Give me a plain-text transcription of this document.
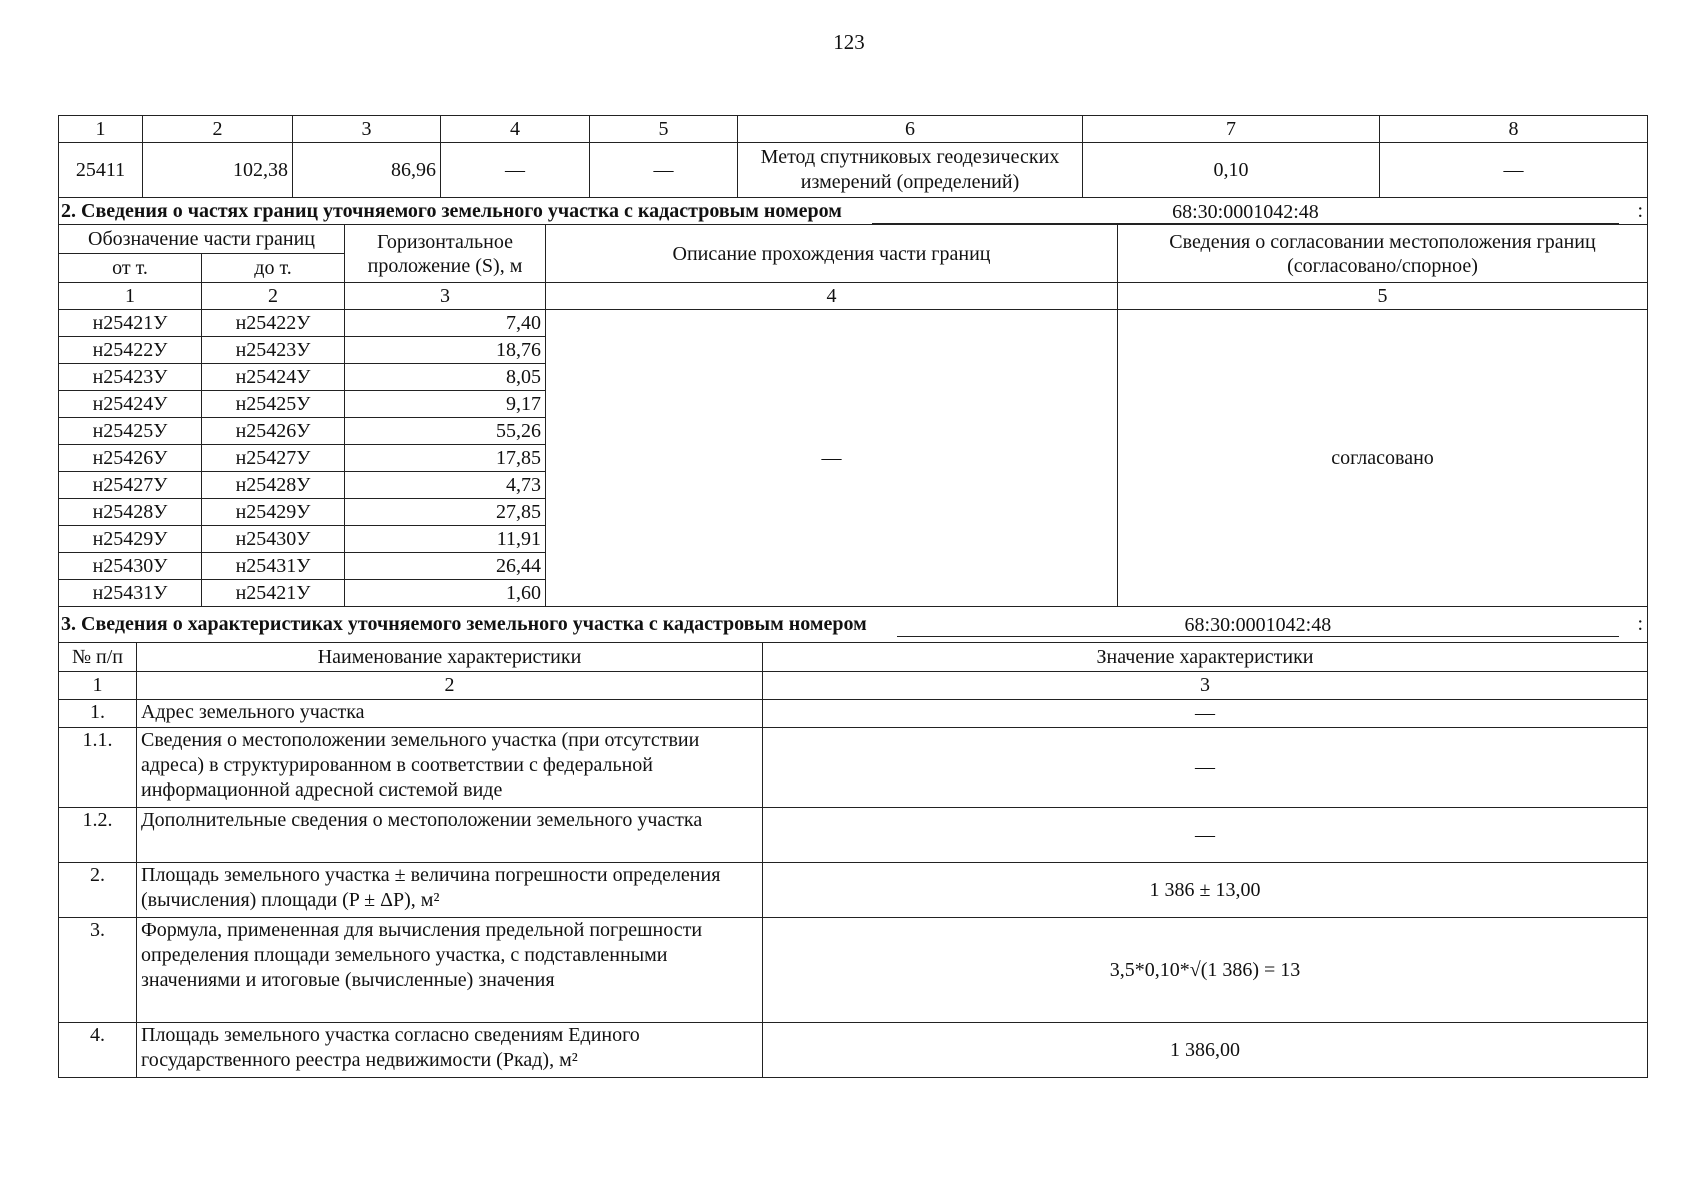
123
1	2	3	4	5	6	7	8
25411	102,38	86,96	—	—	Метод спутниковых геодезических измерений (определений)	0,10	—

2. Сведения о частях границ уточняемого земельного участка с кадастровым номером 68:30:0001042:48 :							
Обозначение части границ		Горизонтальное проложение (S), м	Описание прохождения части границ	Сведения о согласовании местоположения границ (согласовано/спорное)
от т.	до т.			
1	2	3	4	5
н25421У	н25422У	7,40	—	согласовано
н25422У	н25423У	18,76		
н25423У	н25424У	8,05		
н25424У	н25425У	9,17		
н25425У	н25426У	55,26		
н25426У	н25427У	17,85		
н25427У	н25428У	4,73		
н25428У	н25429У	27,85		
н25429У	н25430У	11,91		
н25430У	н25431У	26,44		
н25431У	н25421У	1,60		
3. Сведения о характеристиках уточняемого земельного участка с кадастровым номером 68:30:0001042:48 :		

№ п/п	Наименование характеристики	Значение характеристики
1	2	3
1.	Адрес земельного участка	—
1.1.	Сведения о местоположении земельного участка (при отсутствии адреса) в структурированном в соответствии с федеральной информационной адресной системой виде	—
1.2.	Дополнительные сведения о местоположении земельного участка	—
2.	Площадь земельного участка ± величина погрешности определения (вычисления) площади (P ± ΔP), м²	1 386 ± 13,00
3.	Формула, примененная для вычисления предельной погрешности определения площади земельного участка, с подставленными значениями и итоговые (вычисленные) значения	3,5*0,10*√(1 386) = 13
4.	Площадь земельного участка согласно сведениям Единого государственного реестра недвижимости (Ркад), м²	1 386,00
